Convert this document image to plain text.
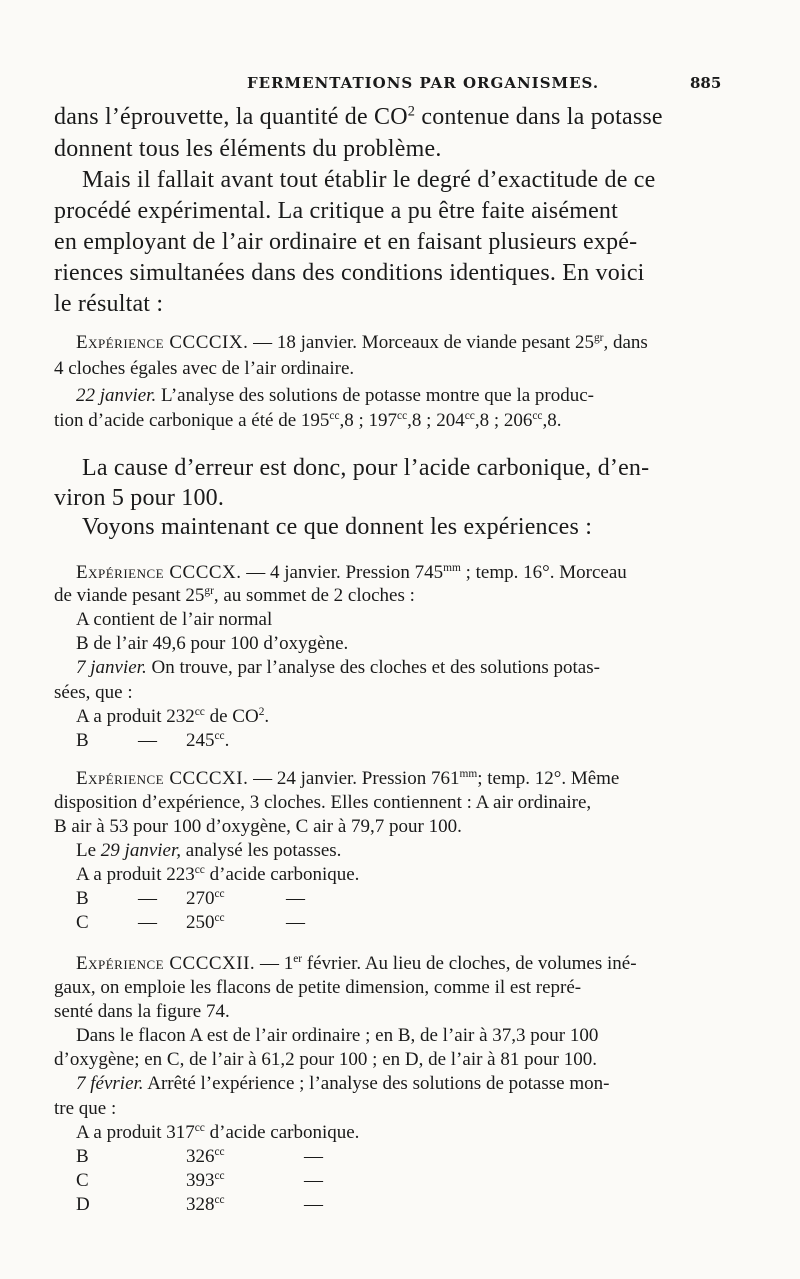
FERMENTATIONS PAR ORGANISMES.	885
dans l’éprouvette, la quantité de $CO^2$ contenue dans la potasse
donnent tous les éléments du problème.
Mais il fallait avant tout établir le degré d’exactitude de ce
procédé expérimental. La critique a pu être faite aisément
en employant de l’air ordinaire et en faisant plusieurs expé-
riences simultanées dans des conditions identiques. En voici
le résultat :
Expérience CCCCIX. — 18 janvier. Morceaux de viande pesant $25^{gr}$, dans
4 cloches égales avec de l’air ordinaire.
22 janvier. L’analyse des solutions de potasse montre que la produc-
tion d’acide carbonique a été de $195^{cc},8$ ; $197^{cc},8$ ; $204^{cc},8$ ; $206^{cc},8$.
La cause d’erreur est donc, pour l’acide carbonique, d’en-
viron 5 pour 100.
Voyons maintenant ce que donnent les expériences :
Expérience CCCCX. — 4 janvier. Pression $745^{mm}$ ; temp. 16°. Morceau
de viande pesant $25^{gr}$, au sommet de 2 cloches :
A contient de l’air normal
B de l’air 49,6 pour 100 d’oxygène.
7 janvier. On trouve, par l’analyse des cloches et des solutions potas-
sées, que :
A a produit $232^{cc}$ de $CO^2$.
B	— $245^{cc}$.
Expérience CCCCXI. — 24 janvier. Pression $761^{mm}$; temp. 12°. Même
disposition d’expérience, 3 cloches. Elles contiennent : A air ordinaire,
B air à 53 pour 100 d’oxygène, C air à 79,7 pour 100.
Le 29 janvier, analysé les potasses.
A a produit $223^{cc}$ d’acide carbonique.
B	— $270^{cc}$	—
C	— $250^{cc}$	—
Expérience CCCCXII. — 1er février. Au lieu de cloches, de volumes iné-
gaux, on emploie les flacons de petite dimension, comme il est repré-
senté dans la figure 74.
Dans le flacon A est de l’air ordinaire ; en B, de l’air à 37,3 pour 100
d’oxygène; en C, de l’air à 61,2 pour 100 ; en D, de l’air à 81 pour 100.
7 février. Arrêté l’expérience ; l’analyse des solutions de potasse mon-
tre que :
A a produit $317^{cc}$ d’acide carbonique.
B	$326^{cc}$	—
C	$393^{cc}$	—
D	$328^{cc}$	—
